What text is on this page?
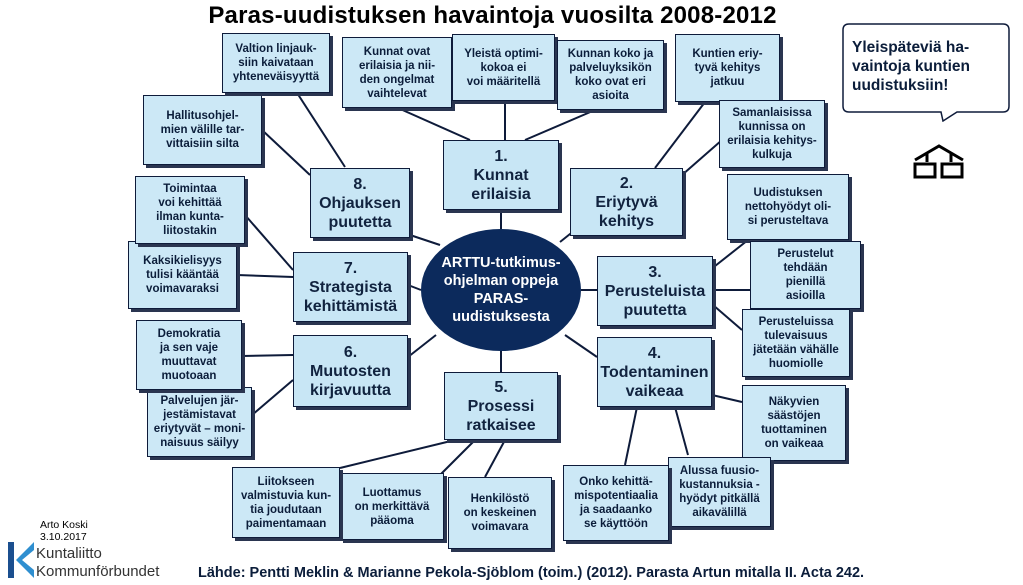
Paras-uudistuksen havaintoja vuosilta 2008-2012
ARTTU-tutkimus-
ohjelman oppeja
PARAS-
uudistuksesta
1.
Kunnat
erilaisia
2.
Eriytyvä
kehitys
3.
Perusteluista
puutetta
4.
Todentaminen
vaikeaa
5.
Prosessi
ratkaisee
6.
Muutosten
kirjavuutta
7.
Strategista
kehittämistä
8.
Ohjauksen
puutetta
Kunnat ovat
erilaisia ja nii-
den ongelmat
vaihtelevat
Yleistä optimi-
kokoa ei
voi määritellä
Kunnan koko ja
palveluyksikön
koko ovat eri
asioita
Kuntien eriy-
tyvä kehitys
jatkuu
Samanlaisissa
kunnissa on
erilaisia kehitys-
kulkuja
Uudistuksen
nettohyödyt oli-
si perusteltava
Perustelut
tehdään
pienillä
asioilla
Perusteluissa
tulevaisuus
jätetään vähälle
huomiolle
Näkyvien
säästöjen
tuottaminen
on vaikeaa
Alussa fuusio-
kustannuksia -
hyödyt pitkällä
aikavälillä
Onko kehittä-
mispotentiaalia
ja saadaanko
se käyttöön
Henkilöstö
on keskeinen
voimavara
Luottamus
on merkittävä
pääoma
Liitokseen
valmistuvia kun-
tia joudutaan
paimentamaan
Palvelujen jär-
jestämistavat
eriytyvät – moni-
naisuus säilyy
Demokratia
ja sen vaje
muuttavat
muotoaan
Kaksikielisyys
tulisi kääntää
voimavaraksi
Toimintaa
voi kehittää
ilman kunta-
liitostakin
Hallitusohjel-
mien välille tar-
vittaisiin silta
Valtion linjauk-
siin kaivataan
yhteneväisyyttä
Yleispäteviä ha-
vaintoja kuntien
uudistuksiin!
Arto Koski
3.10.2017
Kuntaliitto
Kommunförbundet	Lähde: Pentti Meklin & Marianne Pekola-Sjöblom (toim.) (2012). Parasta Artun mitalla II. Acta 242.
